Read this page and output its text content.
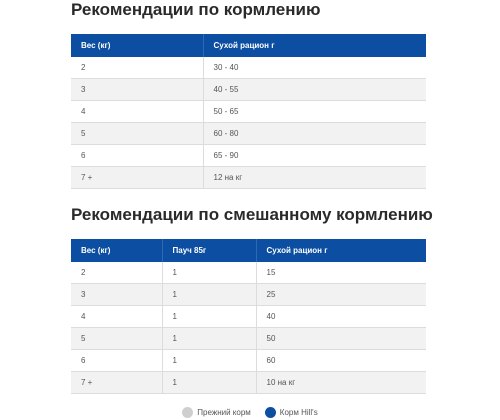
Рекомендации по кормлению
Вес (кг)	Сухой рацион г
2	30 - 40
3	40 - 55
4	50 - 65
5	60 - 80
6	65 - 90
7 +	12 на кг
Рекомендации по смешанному кормлению
Вес (кг)	Пауч 85г	Сухой рацион г
2	1	15
3	1	25
4	1	40
5	1	50
6	1	60
7 +	1	10 на кг
Прежний корм	Корм Hill's
